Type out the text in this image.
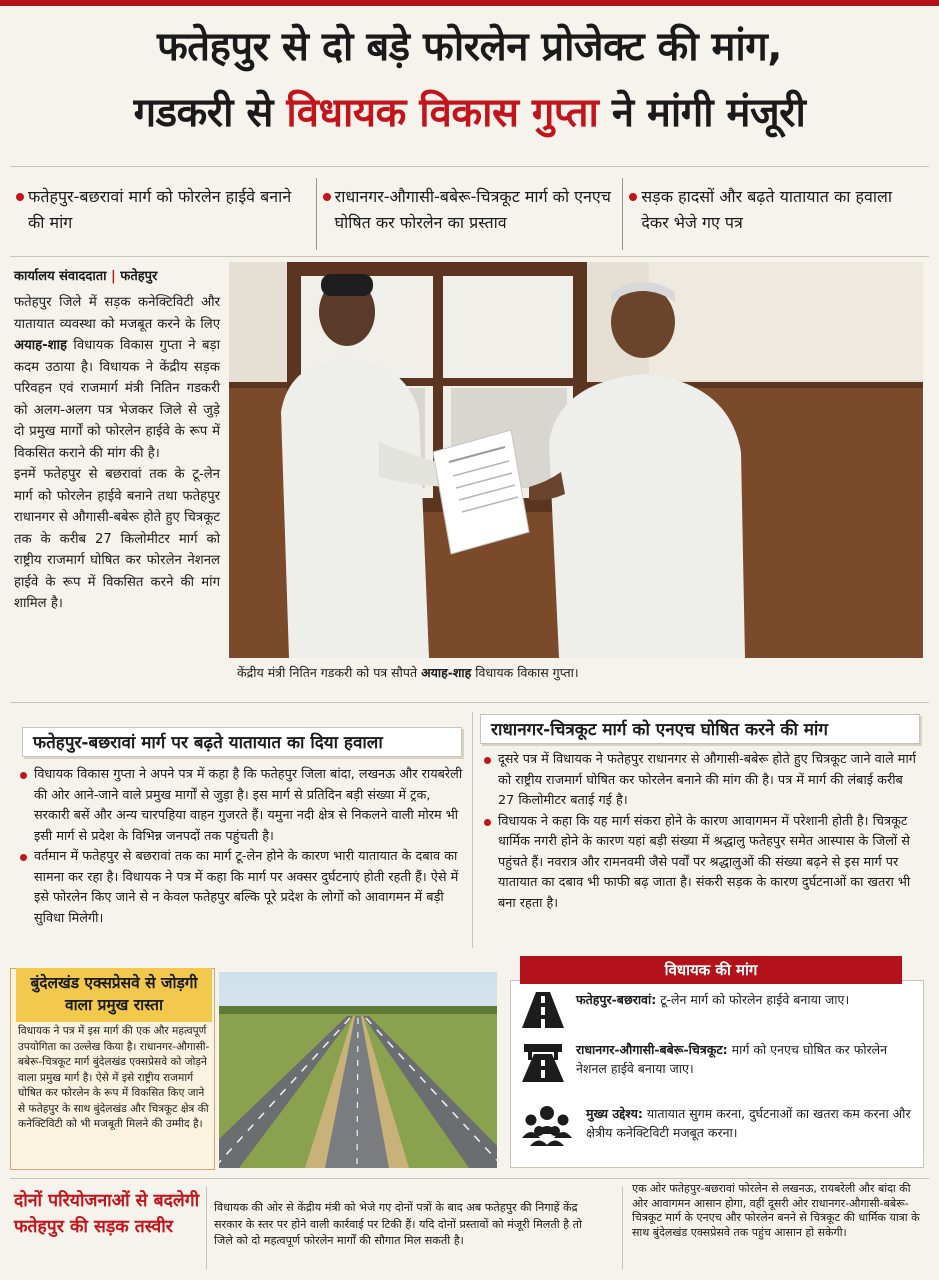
फतेहपुर से दो बड़े फोरलेन प्रोजेक्ट की मांग,
गडकरी से विधायक विकास गुप्ता ने मांगी मंजूरी
फतेहपुर-बछरावां मार्ग को फोरलेन हाईवे बनाने की मांग
राधानगर-औगासी-बबेरू-चित्रकूट मार्ग को एनएच घोषित कर फोरलेन का प्रस्ताव
सड़क हादसों और बढ़ते यातायात का हवाला देकर भेजे गए पत्र
कार्यालय संवाददाता | फतेहपुर

फतेहपुर जिले में सड़क कनेक्टिविटी और यातायात व्यवस्था को मजबूत करने के लिए अयाह-शाह विधायक विकास गुप्ता ने बड़ा कदम उठाया है। विधायक ने केंद्रीय सड़क परिवहन एवं राजमार्ग मंत्री नितिन गडकरी को अलग-अलग पत्र भेजकर जिले से जुड़े दो प्रमुख मार्गों को फोरलेन हाईवे के रूप में विकसित कराने की मांग की है।

इनमें फतेहपुर से बछरावां तक के टू-लेन मार्ग को फोरलेन हाईवे बनाने तथा फतेहपुर राधानगर से औगासी-बबेरू होते हुए चित्रकूट तक के करीब 27 किलोमीटर मार्ग को राष्ट्रीय राजमार्ग घोषित कर फोरलेन नेशनल हाईवे के रूप में विकसित करने की मांग शामिल है।

केंद्रीय मंत्री नितिन गडकरी को पत्र सौपते अयाह-शाह विधायक विकास गुप्ता।
फतेहपुर-बछरावां मार्ग पर बढ़ते यातायात का दिया हवाला
विधायक विकास गुप्ता ने अपने पत्र में कहा है कि फतेहपुर जिला बांदा, लखनऊ और रायबरेली की ओर आने-जाने वाले प्रमुख मार्गों से जुड़ा है। इस मार्ग से प्रतिदिन बड़ी संख्या में ट्रक, सरकारी बसें और अन्य चारपहिया वाहन गुजरते हैं। यमुना नदी क्षेत्र से निकलने वाली मोरम भी इसी मार्ग से प्रदेश के विभिन्न जनपदों तक पहुंचती है।
वर्तमान में फतेहपुर से बछरावां तक का मार्ग टू-लेन होने के कारण भारी यातायात के दबाव का सामना कर रहा है। विधायक ने पत्र में कहा कि मार्ग पर अक्सर दुर्घटनाएं होती रहती हैं। ऐसे में इसे फोरलेन किए जाने से न केवल फतेहपुर बल्कि पूरे प्रदेश के लोगों को आवागमन में बड़ी सुविधा मिलेगी।
राधानगर-चित्रकूट मार्ग को एनएच घोषित करने की मांग
दूसरे पत्र में विधायक ने फतेहपुर राधानगर से औगासी-बबेरू होते हुए चित्रकूट जाने वाले मार्ग को राष्ट्रीय राजमार्ग घोषित कर फोरलेन बनाने की मांग की है। पत्र में मार्ग की लंबाई करीब 27 किलोमीटर बताई गई है।
विधायक ने कहा कि यह मार्ग संकरा होने के कारण आवागमन में परेशानी होती है। चित्रकूट धार्मिक नगरी होने के कारण यहां बड़ी संख्या में श्रद्धालु फतेहपुर समेत आस्पास के जिलों से पहुंचते हैं। नवरात्र और रामनवमी जैसे पर्वों पर श्रद्धालुओं की संख्या बढ़ने से इस मार्ग पर यातायात का दबाव भी फाफी बढ़ जाता है। संकरी सड़क के कारण दुर्घटनाओं का खतरा भी बना रहता है।
बुंदेलखंड एक्सप्रेसवे से जोड़गी वाला प्रमुख रास्ता
विधायक ने पत्र में इस मार्ग की एक और महत्वपूर्ण उपयोगिता का उल्लेख किया है। राधानगर-औगासी-बबेरू-चित्रकूट मार्ग बुंदेलखंड एक्सप्रेसवे को जोड़ने वाला प्रमुख मार्ग है। ऐसे में इसे राष्ट्रीय राजमार्ग घोषित कर फोरलेन के रूप में विकसित किए जाने से फतेहपुर के साथ बुंदेलखंड और चित्रकूट क्षेत्र की कनेक्टिविटी को भी मजबूती मिलने की उम्मीद है।
विधायक की मांग
फतेहपुर-बछरावां: टू-लेन मार्ग को फोरलेन हाईवे बनाया जाए।
राधानगर-औगासी-बबेरू-चित्रकूट: मार्ग को एनएच घोषित कर फोरलेन नेशनल हाईवे बनाया जाए।
मुख्य उद्देश्य: यातायात सुगम करना, दुर्घटनाओं का खतरा कम करना और क्षेत्रीय कनेक्टिविटी मजबूत करना।
दोनों परियोजनाओं से बदलेगी फतेहपुर की सड़क तस्वीर
विधायक की ओर से केंद्रीय मंत्री को भेजे गए दोनों पत्रों के बाद अब फतेहपुर की निगाहें केंद्र सरकार के स्तर पर होने वाली कार्रवाई पर टिकी हैं। यदि दोनों प्रस्तावों को मंजूरी मिलती है तो जिले को दो महत्वपूर्ण फोरलेन मार्गों की सौगात मिल सकती है।
एक ओर फतेहपुर-बछरावां फोरलेन से लखनऊ, रायबरेली और बांदा की ओर आवागमन आसान होगा, वहीं दूसरी ओर राधानगर-औगासी-बबेरू-चित्रकूट मार्ग के एनएच और फोरलेन बनने से चित्रकूट की धार्मिक यात्रा के साथ बुंदेलखंड एक्सप्रेसवे तक पहुंच आसान हो सकेगी।
